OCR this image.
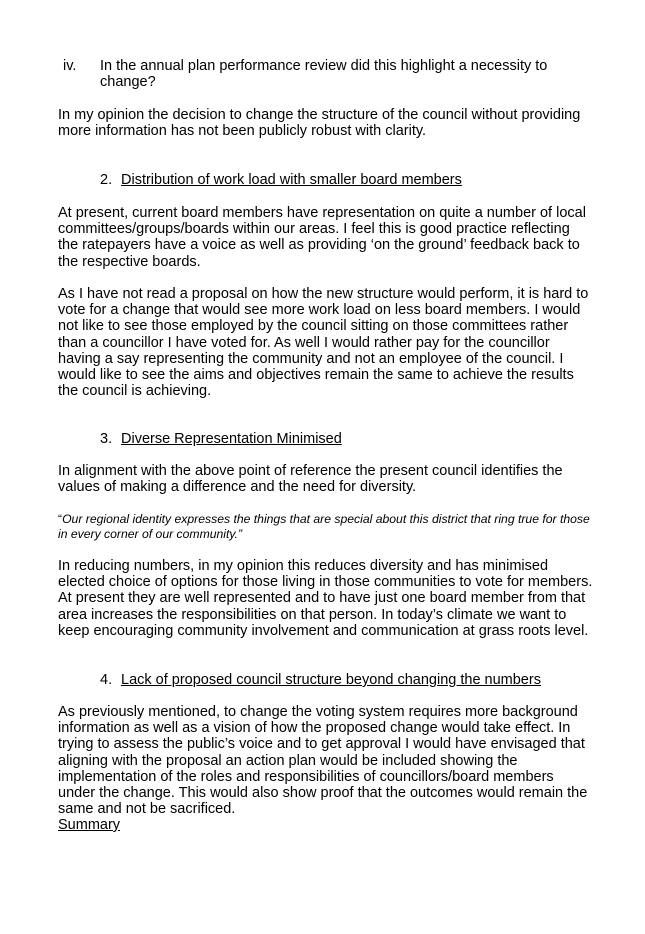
iv.	In the annual plan performance review did this highlight a necessity to change?

In my opinion the decision to change the structure of the council without providing more information has not been publicly robust with clarity.

2. Distribution of work load with smaller board members

At present, current board members have representation on quite a number of local committees/groups/boards within our areas. I feel this is good practice reflecting the ratepayers have a voice as well as providing ‘on the ground’ feedback back to the respective boards.

As I have not read a proposal on how the new structure would perform, it is hard to vote for a change that would see more work load on less board members. I would not like to see those employed by the council sitting on those committees rather than a councillor I have voted for. As well I would rather pay for the councillor having a say representing the community and not an employee of the council. I would like to see the aims and objectives remain the same to achieve the results the council is achieving.

3. Diverse Representation Minimised

In alignment with the above point of reference the present council identifies the values of making a difference and the need for diversity.

“Our regional identity expresses the things that are special about this district that ring true for those in every corner of our community.”

In reducing numbers, in my opinion this reduces diversity and has minimised elected choice of options for those living in those communities to vote for members. At present they are well represented and to have just one board member from that area increases the responsibilities on that person. In today’s climate we want to keep encouraging community involvement and communication at grass roots level.

4. Lack of proposed council structure beyond changing the numbers

As previously mentioned, to change the voting system requires more background information as well as a vision of how the proposed change would take effect. In trying to assess the public’s voice and to get approval I would have envisaged that aligning with the proposal an action plan would be included showing the implementation of the roles and responsibilities of councillors/board members under the change. This would also show proof that the outcomes would remain the same and not be sacrificed.

Summary
